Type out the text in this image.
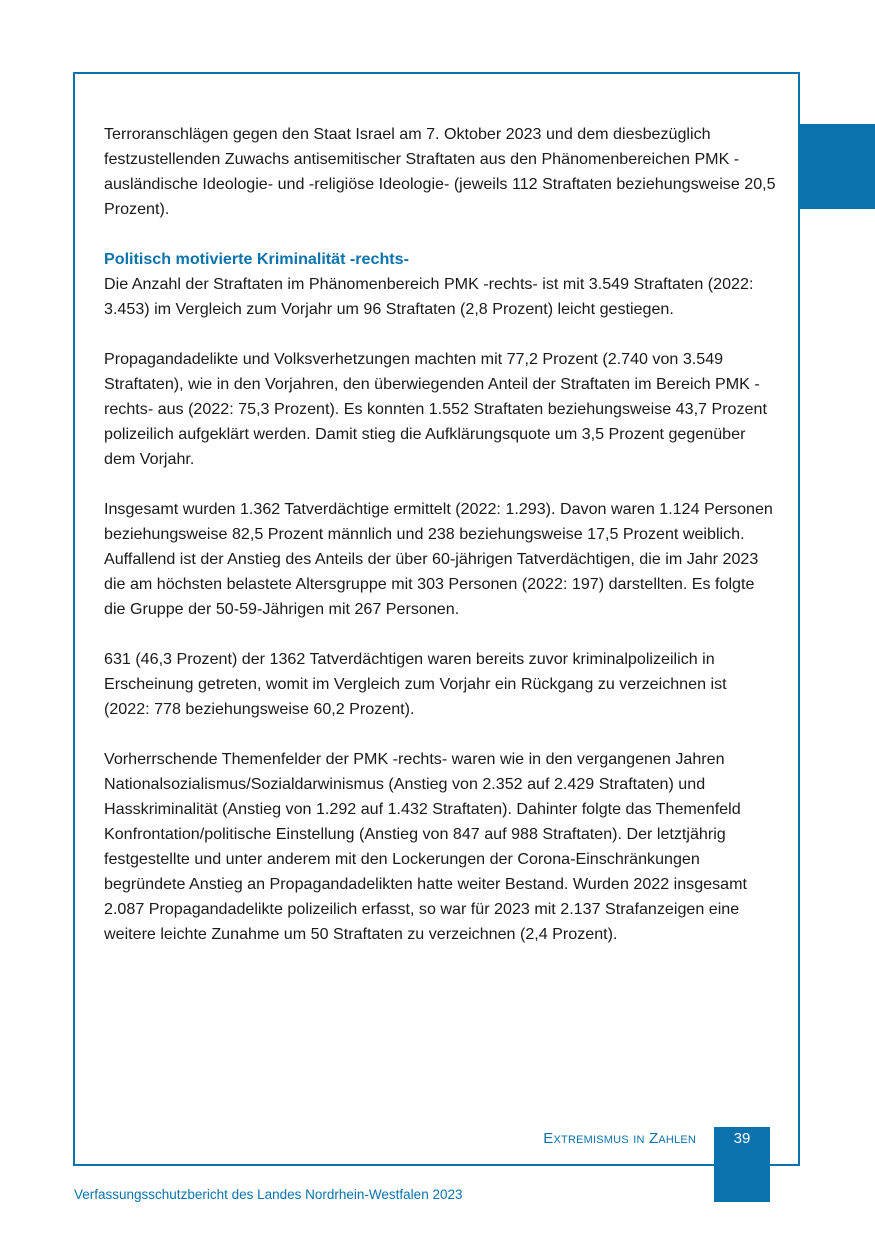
Terroranschlägen gegen den Staat Israel am 7. Oktober 2023 und dem diesbezüglich festzustellenden Zuwachs antisemitischer Straftaten aus den Phänomenbereichen PMK -ausländische Ideologie- und -religiöse Ideologie- (jeweils 112 Straftaten beziehungsweise 20,5 Prozent).

Politisch motivierte Kriminalität -rechts-
Die Anzahl der Straftaten im Phänomenbereich PMK -rechts- ist mit 3.549 Straftaten (2022: 3.453) im Vergleich zum Vorjahr um 96 Straftaten (2,8 Prozent) leicht gestiegen.

Propagandadelikte und Volksverhetzungen machten mit 77,2 Prozent (2.740 von 3.549 Straftaten), wie in den Vorjahren, den überwiegenden Anteil der Straftaten im Bereich PMK -rechts- aus (2022: 75,3 Prozent). Es konnten 1.552 Straftaten beziehungsweise 43,7 Prozent polizeilich aufgeklärt werden. Damit stieg die Aufklärungsquote um 3,5 Prozent gegenüber dem Vorjahr.

Insgesamt wurden 1.362 Tatverdächtige ermittelt (2022: 1.293). Davon waren 1.124 Personen beziehungsweise 82,5 Prozent männlich und 238 beziehungsweise 17,5 Prozent weiblich. Auffallend ist der Anstieg des Anteils der über 60-jährigen Tatverdächtigen, die im Jahr 2023 die am höchsten belastete Altersgruppe mit 303 Personen (2022: 197) darstellten. Es folgte die Gruppe der 50-59-Jährigen mit 267 Personen.

631 (46,3 Prozent) der 1362 Tatverdächtigen waren bereits zuvor kriminalpolizeilich in Erscheinung getreten, womit im Vergleich zum Vorjahr ein Rückgang zu verzeichnen ist (2022: 778 beziehungsweise 60,2 Prozent).

Vorherrschende Themenfelder der PMK -rechts- waren wie in den vergangenen Jahren Nationalsozialismus/Sozialdarwinismus (Anstieg von 2.352 auf 2.429 Straftaten) und Hasskriminalität (Anstieg von 1.292 auf 1.432 Straftaten). Dahinter folgte das Themenfeld Konfrontation/politische Einstellung (Anstieg von 847 auf 988 Straftaten). Der letztjährig festgestellte und unter anderem mit den Lockerungen der Corona-Einschränkungen begründete Anstieg an Propagandadelikten hatte weiter Bestand. Wurden 2022 insgesamt 2.087 Propagandadelikte polizeilich erfasst, so war für 2023 mit 2.137 Strafanzeigen eine weitere leichte Zunahme um 50 Straftaten zu verzeichnen (2,4 Prozent).

Extremismus in Zahlen	39
Verfassungsschutzbericht des Landes Nordrhein-Westfalen 2023
